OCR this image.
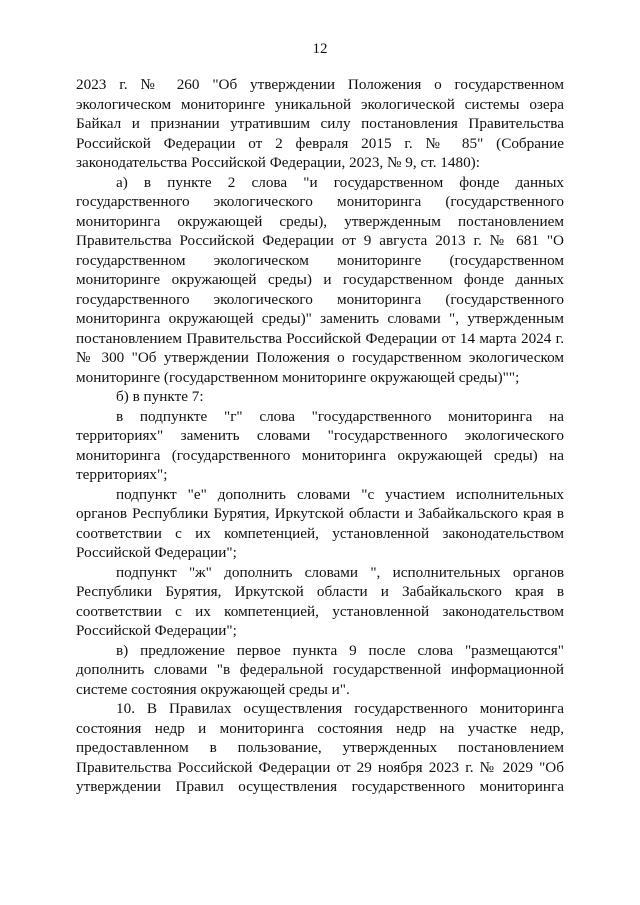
12

2023 г. № 260 "Об утверждении Положения о государственном экологическом мониторинге уникальной экологической системы озера Байкал и признании утратившим силу постановления Правительства Российской Федерации от 2 февраля 2015 г. № 85" (Собрание законодательства Российской Федерации, 2023, № 9, ст. 1480):

а) в пункте 2 слова "и государственном фонде данных государственного экологического мониторинга (государственного мониторинга окружающей среды), утвержденным постановлением Правительства Российской Федерации от 9 августа 2013 г. № 681 "О государственном экологическом мониторинге (государственном мониторинге окружающей среды) и государственном фонде данных государственного экологического мониторинга (государственного мониторинга окружающей среды)" заменить словами ", утвержденным постановлением Правительства Российской Федерации от 14 марта 2024 г. № 300 "Об утверждении Положения о государственном экологическом мониторинге (государственном мониторинге окружающей среды)"";

б) в пункте 7:

в подпункте "г" слова "государственного мониторинга на территориях" заменить словами "государственного экологического мониторинга (государственного мониторинга окружающей среды) на территориях";

подпункт "е" дополнить словами "с участием исполнительных органов Республики Бурятия, Иркутской области и Забайкальского края в соответствии с их компетенцией, установленной законодательством Российской Федерации";

подпункт "ж" дополнить словами ", исполнительных органов Республики Бурятия, Иркутской области и Забайкальского края в соответствии с их компетенцией, установленной законодательством Российской Федерации";

в) предложение первое пункта 9 после слова "размещаются" дополнить словами "в федеральной государственной информационной системе состояния окружающей среды и".

10. В Правилах осуществления государственного мониторинга состояния недр и мониторинга состояния недр на участке недр, предоставленном в пользование, утвержденных постановлением Правительства Российской Федерации от 29 ноября 2023 г. № 2029 "Об утверждении Правил осуществления государственного мониторинга
